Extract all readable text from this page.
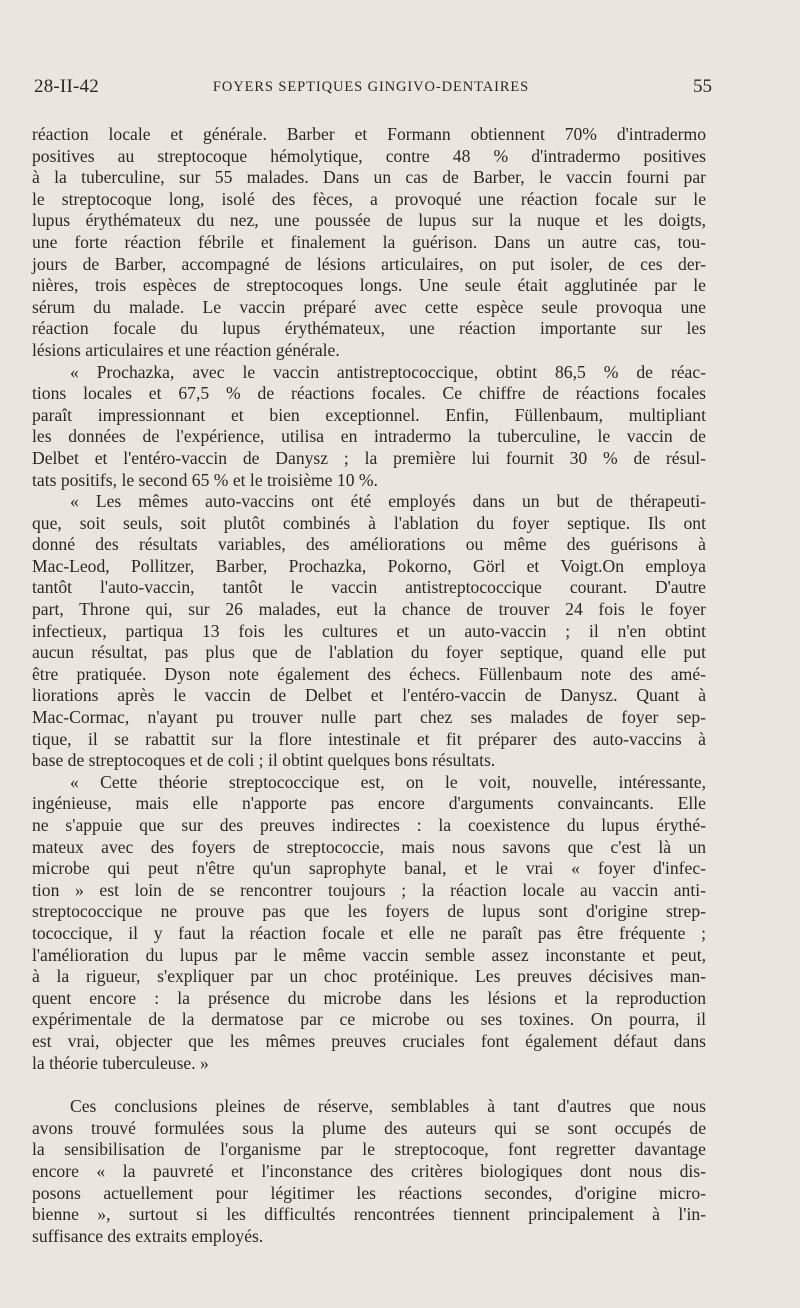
28-II-42	FOYERS SEPTIQUES GINGIVO-DENTAIRES	55
réaction locale et générale. Barber et Formann obtiennent 70% d'intradermo
positives au streptocoque hémolytique, contre 48 % d'intradermo positives
à la tuberculine, sur 55 malades. Dans un cas de Barber, le vaccin fourni par
le streptocoque long, isolé des fèces, a provoqué une réaction focale sur le
lupus érythémateux du nez, une poussée de lupus sur la nuque et les doigts,
une forte réaction fébrile et finalement la guérison. Dans un autre cas, tou-
jours de Barber, accompagné de lésions articulaires, on put isoler, de ces der-
nières, trois espèces de streptocoques longs. Une seule était agglutinée par le
sérum du malade. Le vaccin préparé avec cette espèce seule provoqua une
réaction focale du lupus érythémateux, une réaction importante sur les
lésions articulaires et une réaction générale.
« Prochazka, avec le vaccin antistreptococcique, obtint 86,5 % de réac-
tions locales et 67,5 % de réactions focales. Ce chiffre de réactions focales
paraît impressionnant et bien exceptionnel. Enfin, Füllenbaum, multipliant
les données de l'expérience, utilisa en intradermo la tuberculine, le vaccin de
Delbet et l'entéro-vaccin de Danysz ; la première lui fournit 30 % de résul-
tats positifs, le second 65 % et le troisième 10 %.
« Les mêmes auto-vaccins ont été employés dans un but de thérapeuti-
que, soit seuls, soit plutôt combinés à l'ablation du foyer septique. Ils ont
donné des résultats variables, des améliorations ou même des guérisons à
Mac-Leod, Pollitzer, Barber, Prochazka, Pokorno, Görl et Voigt.On employa
tantôt l'auto-vaccin, tantôt le vaccin antistreptococcique courant. D'autre
part, Throne qui, sur 26 malades, eut la chance de trouver 24 fois le foyer
infectieux, partiqua 13 fois les cultures et un auto-vaccin ; il n'en obtint
aucun résultat, pas plus que de l'ablation du foyer septique, quand elle put
être pratiquée. Dyson note également des échecs. Füllenbaum note des amé-
liorations après le vaccin de Delbet et l'entéro-vaccin de Danysz. Quant à
Mac-Cormac, n'ayant pu trouver nulle part chez ses malades de foyer sep-
tique, il se rabattit sur la flore intestinale et fit préparer des auto-vaccins à
base de streptocoques et de coli ; il obtint quelques bons résultats.
« Cette théorie streptococcique est, on le voit, nouvelle, intéressante,
ingénieuse, mais elle n'apporte pas encore d'arguments convaincants. Elle
ne s'appuie que sur des preuves indirectes : la coexistence du lupus érythé-
mateux avec des foyers de streptococcie, mais nous savons que c'est là un
microbe qui peut n'être qu'un saprophyte banal, et le vrai « foyer d'infec-
tion » est loin de se rencontrer toujours ; la réaction locale au vaccin anti-
streptococcique ne prouve pas que les foyers de lupus sont d'origine strep-
tococcique, il y faut la réaction focale et elle ne paraît pas être fréquente ;
l'amélioration du lupus par le même vaccin semble assez inconstante et peut,
à la rigueur, s'expliquer par un choc protéinique. Les preuves décisives man-
quent encore : la présence du microbe dans les lésions et la reproduction
expérimentale de la dermatose par ce microbe ou ses toxines. On pourra, il
est vrai, objecter que les mêmes preuves cruciales font également défaut dans
la théorie tuberculeuse. »
Ces conclusions pleines de réserve, semblables à tant d'autres que nous
avons trouvé formulées sous la plume des auteurs qui se sont occupés de
la sensibilisation de l'organisme par le streptocoque, font regretter davantage
encore « la pauvreté et l'inconstance des critères biologiques dont nous dis-
posons actuellement pour légitimer les réactions secondes, d'origine micro-
bienne », surtout si les difficultés rencontrées tiennent principalement à l'in-
suffisance des extraits employés.
